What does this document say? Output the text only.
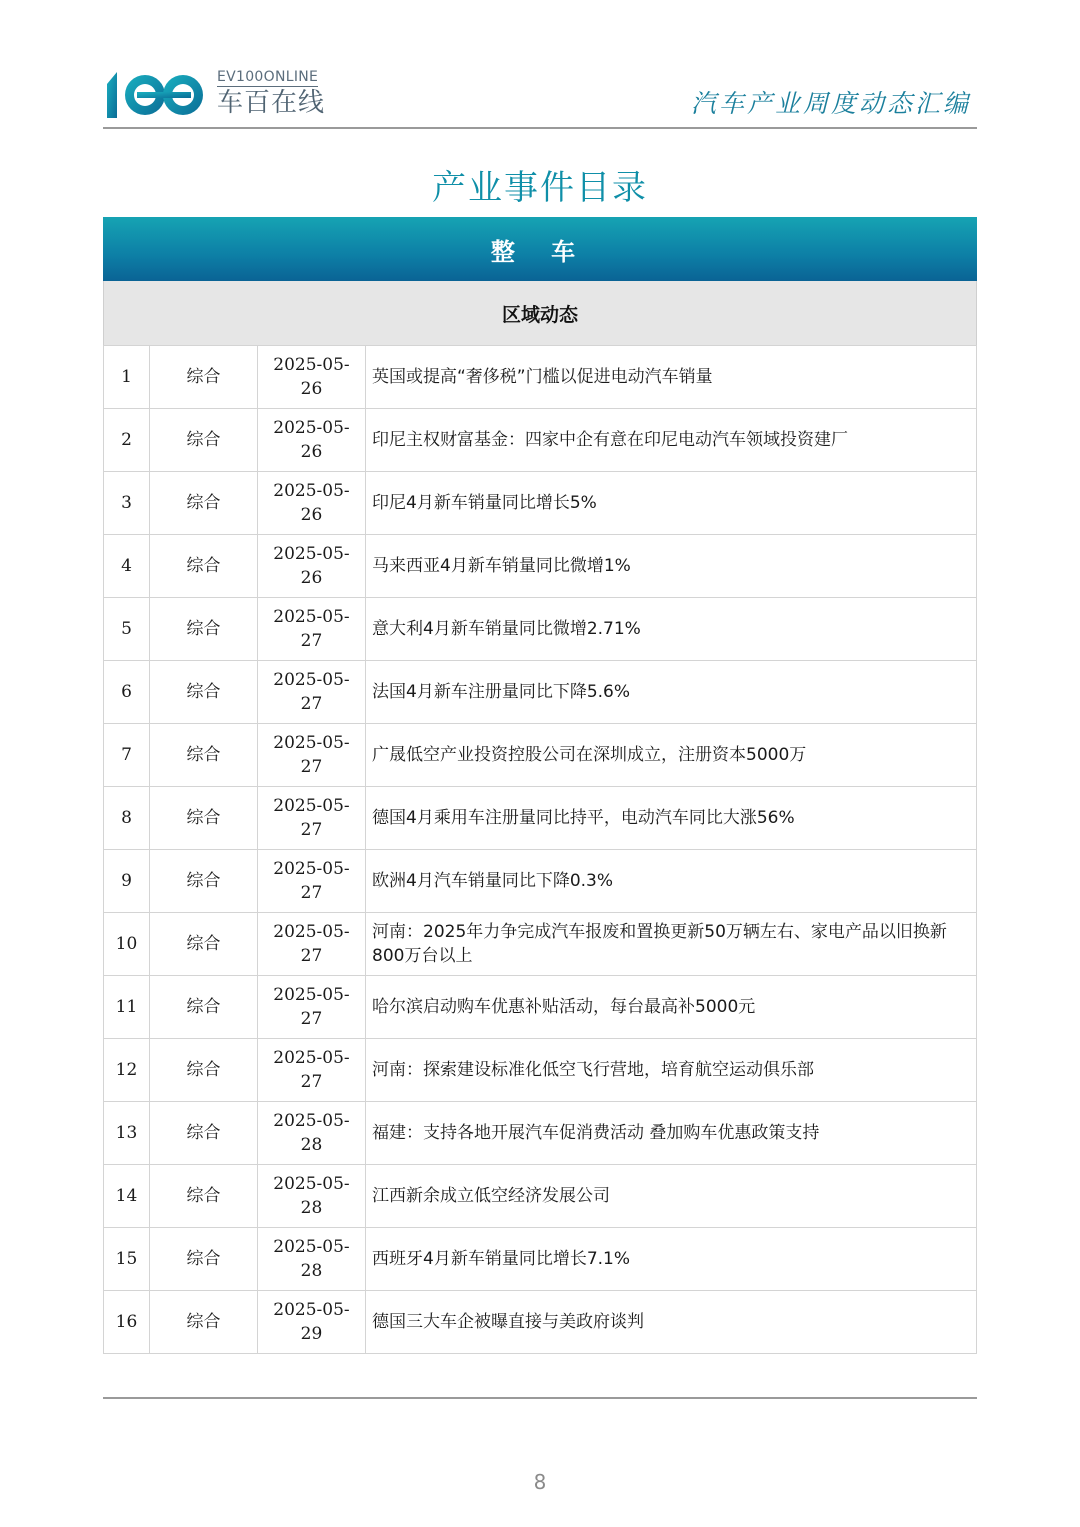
EV100ONLINE
车百在线	汽车产业周度动态汇编
产业事件目录
整 车
区域动态
1	综合	2025-05-26	英国或提高“奢侈税”门槛以促进电动汽车销量
2	综合	2025-05-26	印尼主权财富基金：四家中企有意在印尼电动汽车领域投资建厂
3	综合	2025-05-26	印尼4月新车销量同比增长5%
4	综合	2025-05-26	马来西亚4月新车销量同比微增1%
5	综合	2025-05-27	意大利4月新车销量同比微增2.71%
6	综合	2025-05-27	法国4月新车注册量同比下降5.6%
7	综合	2025-05-27	广晟低空产业投资控股公司在深圳成立，注册资本5000万
8	综合	2025-05-27	德国4月乘用车注册量同比持平，电动汽车同比大涨56%
9	综合	2025-05-27	欧洲4月汽车销量同比下降0.3%
10	综合	2025-05-27	河南：2025年力争完成汽车报废和置换更新50万辆左右、家电产品以旧换新800万台以上
11	综合	2025-05-27	哈尔滨启动购车优惠补贴活动，每台最高补5000元
12	综合	2025-05-27	河南：探索建设标准化低空飞行营地，培育航空运动俱乐部
13	综合	2025-05-28	福建：支持各地开展汽车促消费活动 叠加购车优惠政策支持
14	综合	2025-05-28	江西新余成立低空经济发展公司
15	综合	2025-05-28	西班牙4月新车销量同比增长7.1%
16	综合	2025-05-29	德国三大车企被曝直接与美政府谈判
8
